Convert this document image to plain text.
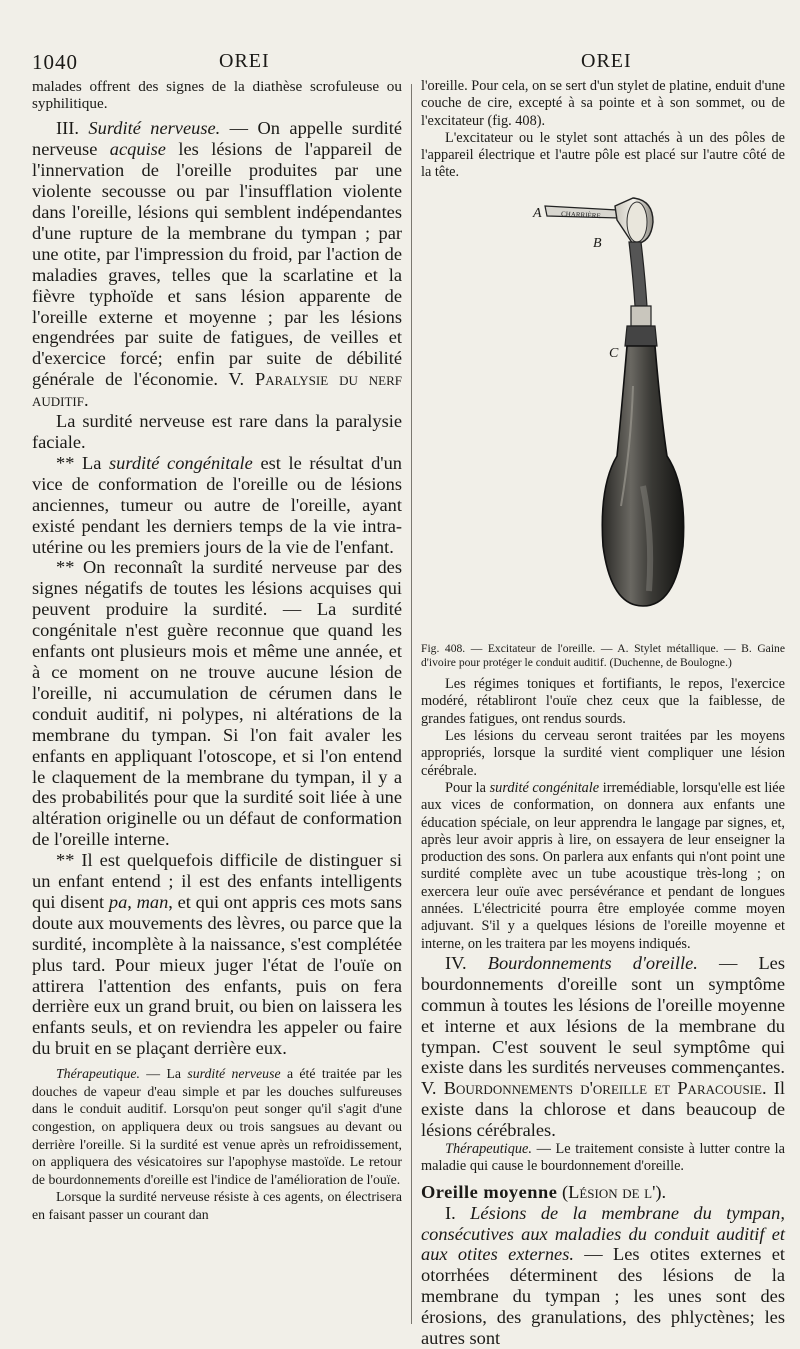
1040	OREI	OREI

malades offrent des signes de la diathèse scrofuleuse ou syphilitique.

III. Surdité nerveuse. — On appelle surdité nerveuse acquise les lésions de l'appareil de l'innervation de l'oreille produites par une violente secousse ou par l'insufflation violente dans l'oreille, lésions qui semblent indépendantes d'une rupture de la membrane du tympan ; par une otite, par l'impression du froid, par l'action de maladies graves, telles que la scarlatine et la fièvre typhoïde et sans lésion apparente de l'oreille externe et moyenne ; par les lésions engendrées par suite de fatigues, de veilles et d'exercice forcé; enfin par suite de débilité générale de l'économie. V. Paralysie du nerf auditif.

La surdité nerveuse est rare dans la paralysie faciale.

** La surdité congénitale est le résultat d'un vice de conformation de l'oreille ou de lésions anciennes, tumeur ou autre de l'oreille, ayant existé pendant les derniers temps de la vie intra-utérine ou les premiers jours de la vie de l'enfant.

** On reconnaît la surdité nerveuse par des signes négatifs de toutes les lésions acquises qui peuvent produire la surdité. — La surdité congénitale n'est guère reconnue que quand les enfants ont plusieurs mois et même une année, et à ce moment on ne trouve aucune lésion de l'oreille, ni accumulation de cérumen dans le conduit auditif, ni polypes, ni altérations de la membrane du tympan. Si l'on fait avaler les enfants en appliquant l'otoscope, et si l'on entend le claquement de la membrane du tympan, il y a des probabilités pour que la surdité soit liée à une altération originelle ou un défaut de conformation de l'oreille interne.

** Il est quelquefois difficile de distinguer si un enfant entend ; il est des enfants intelligents qui disent pa, man, et qui ont appris ces mots sans doute aux mouvements des lèvres, ou parce que la surdité, incomplète à la naissance, s'est complétée plus tard. Pour mieux juger l'état de l'ouïe on attirera l'attention des enfants, puis on fera derrière eux un grand bruit, ou bien on laissera les enfants seuls, et on reviendra les appeler ou faire du bruit en se plaçant derrière eux.

Thérapeutique. — La surdité nerveuse a été traitée par les douches de vapeur d'eau simple et par les douches sulfureuses dans le conduit auditif. Lorsqu'on peut songer qu'il s'agit d'une congestion, on appliquera deux ou trois sangsues au devant ou derrière l'oreille. Si la surdité est venue après un refroidissement, on appliquera des vésicatoires sur l'apophyse mastoïde. Le retour de bourdonnements d'oreille est l'indice de l'amélioration de l'ouïe.

Lorsque la surdité nerveuse résiste à ces agents, on électrisera en faisant passer un courant dan

l'oreille. Pour cela, on se sert d'un stylet de platine, enduit d'une couche de cire, excepté à sa pointe et à son sommet, ou de l'excitateur (fig. 408).

L'excitateur ou le stylet sont attachés à un des pôles de l'appareil électrique et l'autre pôle est placé sur l'autre côté de la tête.

CHARRIÈRE
A
B
C

Fig. 408. — Excitateur de l'oreille. — A. Stylet métallique. — B. Gaine d'ivoire pour protéger le conduit auditif. (Duchenne, de Boulogne.)

Les régimes toniques et fortifiants, le repos, l'exercice modéré, rétabliront l'ouïe chez ceux que la faiblesse, de grandes fatigues, ont rendus sourds.

Les lésions du cerveau seront traitées par les moyens appropriés, lorsque la surdité vient compliquer une lésion cérébrale.

Pour la surdité congénitale irremédiable, lorsqu'elle est liée aux vices de conformation, on donnera aux enfants une éducation spéciale, on leur apprendra le langage par signes, et, après leur avoir appris à lire, on essayera de leur enseigner la production des sons. On parlera aux enfants qui n'ont point une surdité complète avec un tube acoustique très-long ; on exercera leur ouïe avec persévérance et pendant de longues années. L'électricité pourra être employée comme moyen adjuvant. S'il y a quelques lésions de l'oreille moyenne et interne, on les traitera par les moyens indiqués.

IV. Bourdonnements d'oreille. — Les bourdonnements d'oreille sont un symptôme commun à toutes les lésions de l'oreille moyenne et interne et aux lésions de la membrane du tympan. C'est souvent le seul symptôme qui existe dans les surdités nerveuses commençantes. V. Bourdonnements d'oreille et Paracousie. Il existe dans la chlorose et dans beaucoup de lésions cérébrales.

Thérapeutique. — Le traitement consiste à lutter contre la maladie qui cause le bourdonnement d'oreille.

Oreille moyenne (Lésion de l').

I. Lésions de la membrane du tympan, consécutives aux maladies du conduit auditif et aux otites externes. — Les otites externes et otorrhées déterminent des lésions de la membrane du tympan ; les unes sont des érosions, des granulations, des phlyctènes; les autres sont
